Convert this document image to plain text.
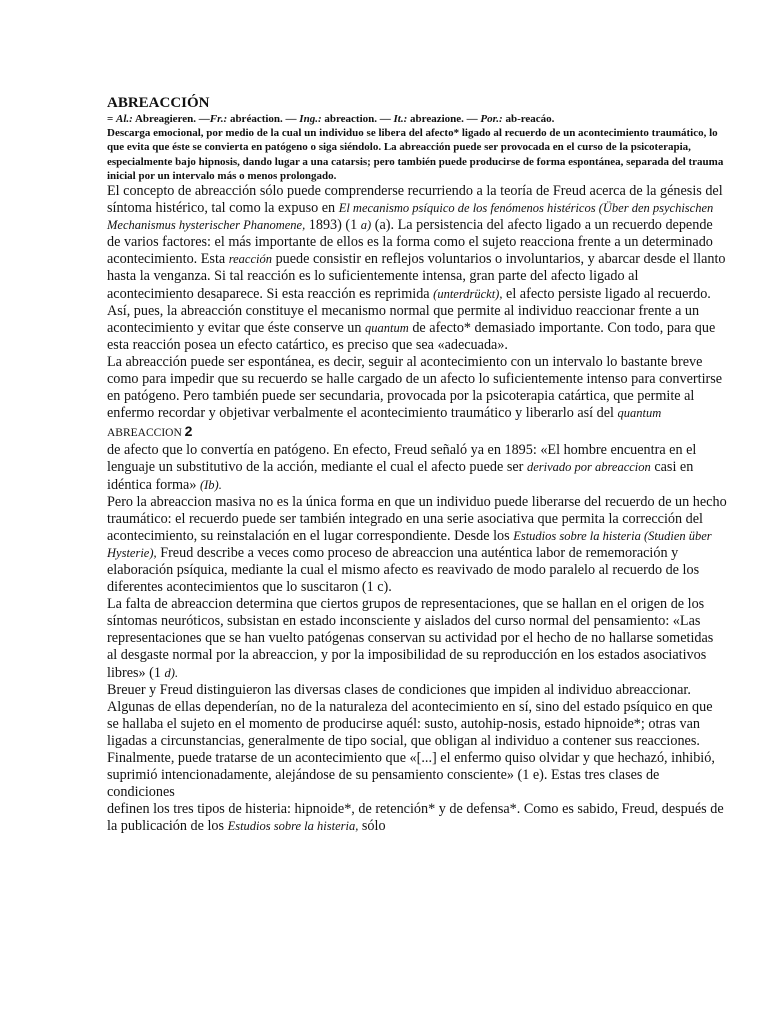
ABREACCIÓN
= Al.: Abreagieren. —Fr.: abréaction. — Ing.: abreaction. — It.: abreazione. — Por.: ab-reacáo.
Descarga emocional, por medio de la cual un individuo se libera del afecto* ligado al recuerdo de un acontecimiento traumático, lo que evita que éste se convierta en patógeno o siga siéndolo. La abreacción puede ser provocada en el curso de la psicoterapia, especialmente bajo hipnosis, dando lugar a una catarsis; pero también puede producirse de forma espontánea, separada del trauma inicial por un intervalo más o menos prolongado.

El concepto de abreacción sólo puede comprenderse recurriendo a la teoría de Freud acerca de la génesis del síntoma histérico, tal como la expuso en El mecanismo psíquico de los fenómenos histéricos (Über den psychischen Mechanismus hysterischer Phanomene, 1893) (1 a) (a). La persistencia del afecto ligado a un recuerdo depende de varios factores: el más importante de ellos es la forma como el sujeto reacciona frente a un determinado acontecimiento. Esta reacción puede consistir en reflejos voluntarios o involuntarios, y abarcar desde el llanto hasta la venganza. Si tal reacción es lo suficientemente intensa, gran parte del afecto ligado al acontecimiento desaparece. Si esta reacción es reprimida (unterdrückt), el afecto persiste ligado al recuerdo.

Así, pues, la abreacción constituye el mecanismo normal que permite al individuo reaccionar frente a un acontecimiento y evitar que éste conserve un quantum de afecto* demasiado importante. Con todo, para que esta reacción posea un efecto catártico, es preciso que sea «adecuada».

La abreacción puede ser espontánea, es decir, seguir al acontecimiento con un intervalo lo bastante breve como para impedir que su recuerdo se halle cargado de un afecto lo suficientemente intenso para convertirse en patógeno. Pero también puede ser secundaria, provocada por la psicoterapia catártica, que permite al enfermo recordar y objetivar verbalmente el acontecimiento traumático y liberarlo así del quantum

ABREACCION 2

de afecto que lo convertía en patógeno. En efecto, Freud señaló ya en 1895: «El hombre encuentra en el lenguaje un substitutivo de la acción, mediante el cual el afecto puede ser derivado por abreaccion casi en idéntica forma» (Ib).

Pero la abreaccion masiva no es la única forma en que un individuo puede liberarse del recuerdo de un hecho traumático: el recuerdo puede ser también integrado en una serie asociativa que permita la corrección del acontecimiento, su reinstalación en el lugar correspondiente. Desde los Estudios sobre la histeria (Studien über Hysterie), Freud describe a veces como proceso de abreaccion una auténtica labor de rememoración y elaboración psíquica, mediante la cual el mismo afecto es reavivado de modo paralelo al recuerdo de los diferentes acontecimientos que lo suscitaron (1 c).

La falta de abreaccion determina que ciertos grupos de representaciones, que se hallan en el origen de los síntomas neuróticos, subsistan en estado inconsciente y aislados del curso normal del pensamiento: «Las representaciones que se han vuelto patógenas conservan su actividad por el hecho de no hallarse sometidas al desgaste normal por la abreaccion, y por la imposibilidad de su reproducción en los estados asociativos libres» (1 d).

Breuer y Freud distinguieron las diversas clases de condiciones que impiden al individuo abreaccionar. Algunas de ellas dependerían, no de la naturaleza del acontecimiento en sí, sino del estado psíquico en que se hallaba el sujeto en el momento de producirse aquél: susto, autohip-nosis, estado hipnoide*; otras van ligadas a circunstancias, generalmente de tipo social, que obligan al individuo a contener sus reacciones. Finalmente, puede tratarse de un acontecimiento que «[...] el enfermo quiso olvidar y que hechazó, inhibió, suprimió intencionadamente, alejándose de su pensamiento consciente» (1 e). Estas tres clases de condiciones

definen los tres tipos de histeria: hipnoide*, de retención* y de defensa*. Como es sabido, Freud, después de la publicación de los Estudios sobre la histeria, sólo
